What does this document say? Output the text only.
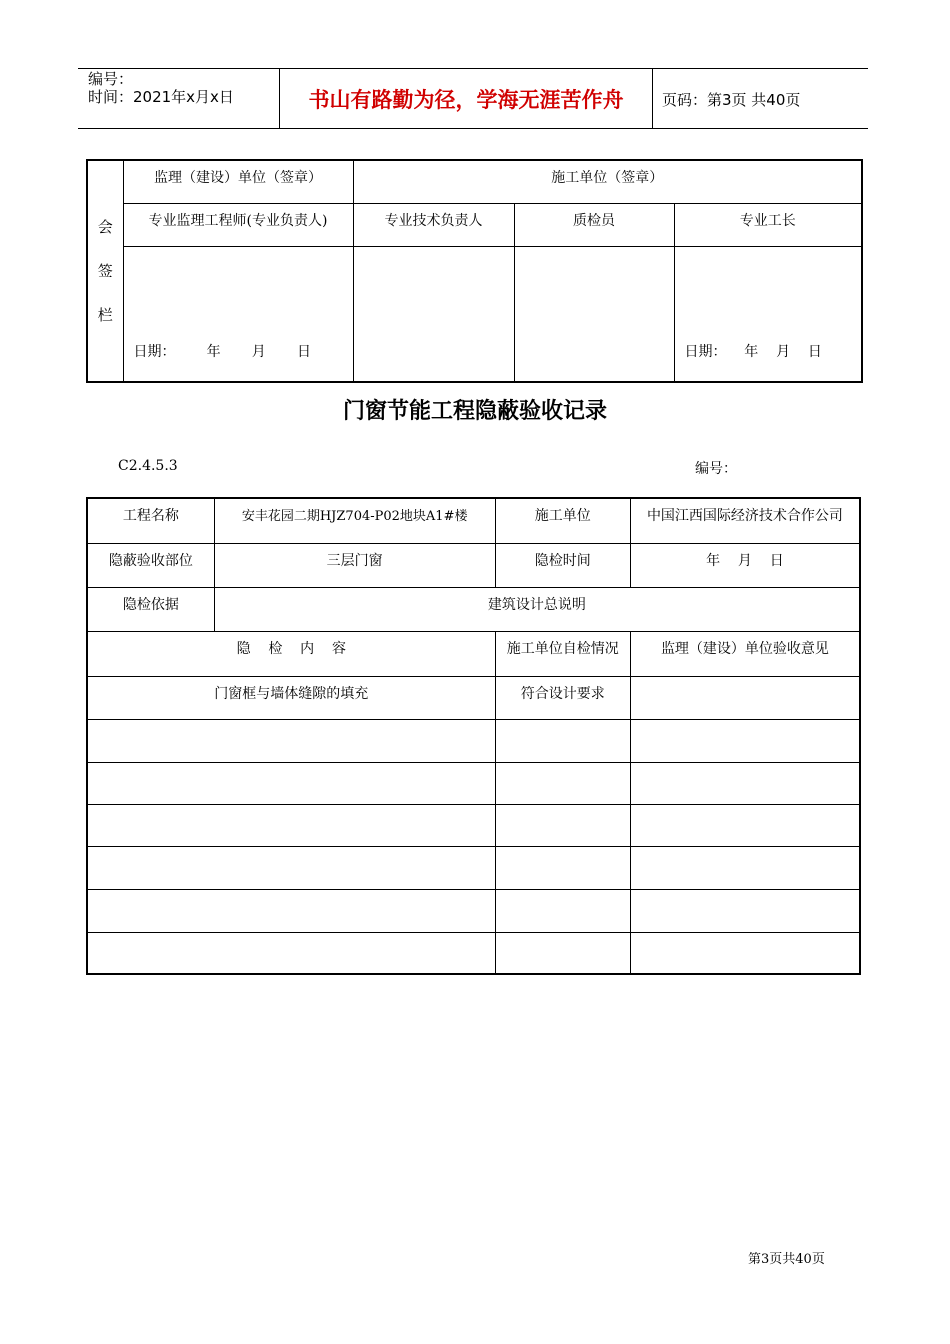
编号：
时间：2021年x月x日	书山有路勤为径，学海无涯苦作舟	页码：第3页 共40页
会
签
栏	监理（建设）单位（签章）	施工单位（签章）		
	专业监理工程师(专业负责人)	专业技术负责人	质检员	专业工长
	日期：       年       月       日			日期：    年    月    日
门窗节能工程隐蔽验收记录
C2.4.5.3	编号：
工程名称	安丰花园二期HJZ704-P02地块A1#楼	施工单位	中国江西国际经济技术合作公司
隐蔽验收部位	三层门窗	隐检时间	年    月    日
隐检依据	建筑设计总说明		
隐    检    内    容		施工单位自检情况	监理（建设）单位验收意见
门窗框与墙体缝隙的填充		符合设计要求	

第3页共40页
